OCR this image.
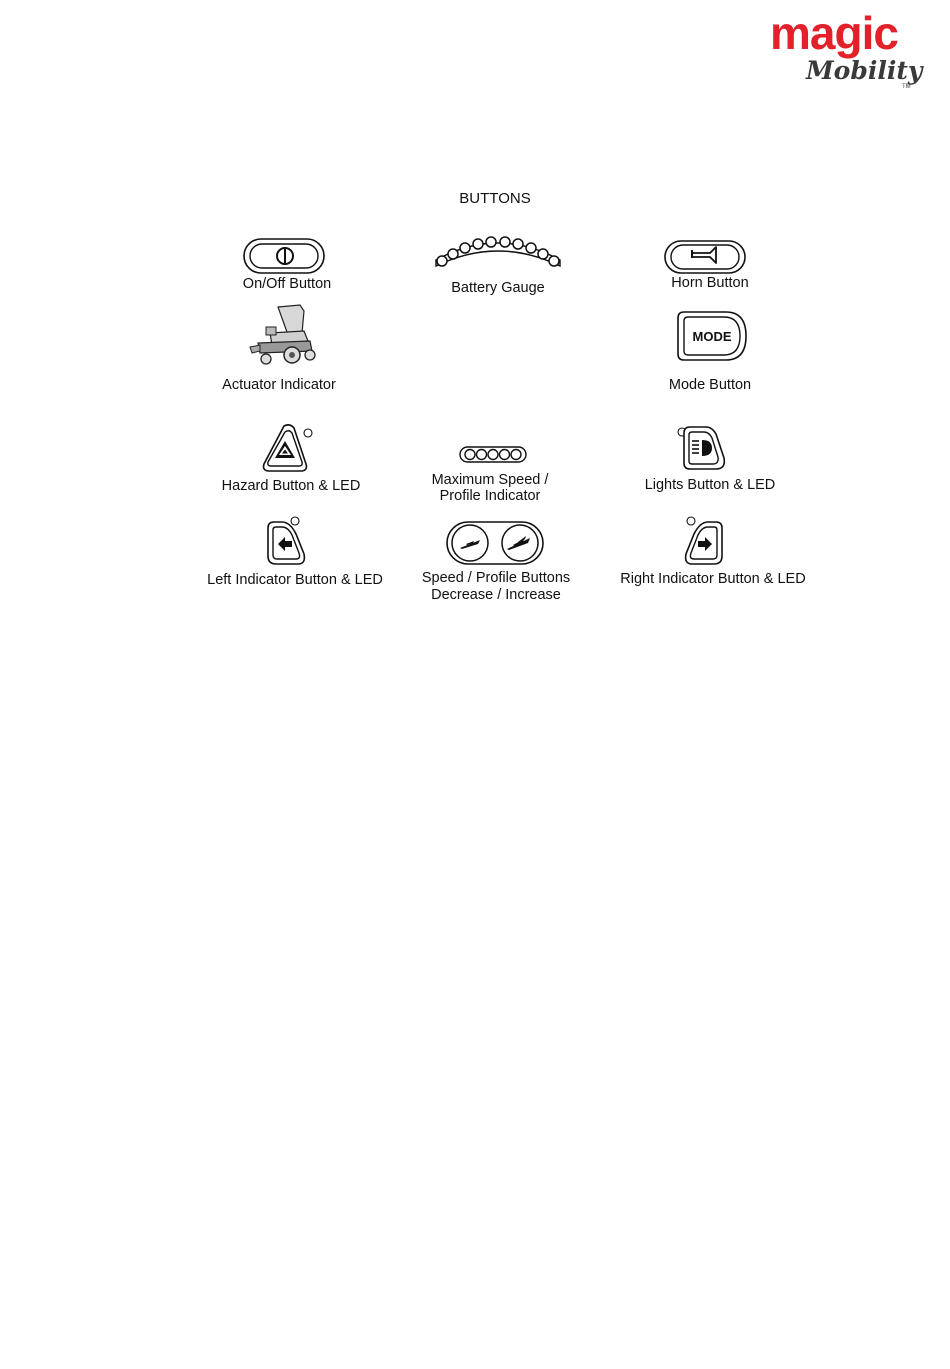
magic
Mobility
TM
BUTTONS
On/Off Button	Battery Gauge	Horn Button
Actuator Indicator
MODE
Mode Button
Hazard Button & LED	Maximum Speed /
Profile Indicator
Lights Button & LED
Left Indicator Button & LED	Speed / Profile Buttons
Decrease / Increase
Right Indicator Button & LED
